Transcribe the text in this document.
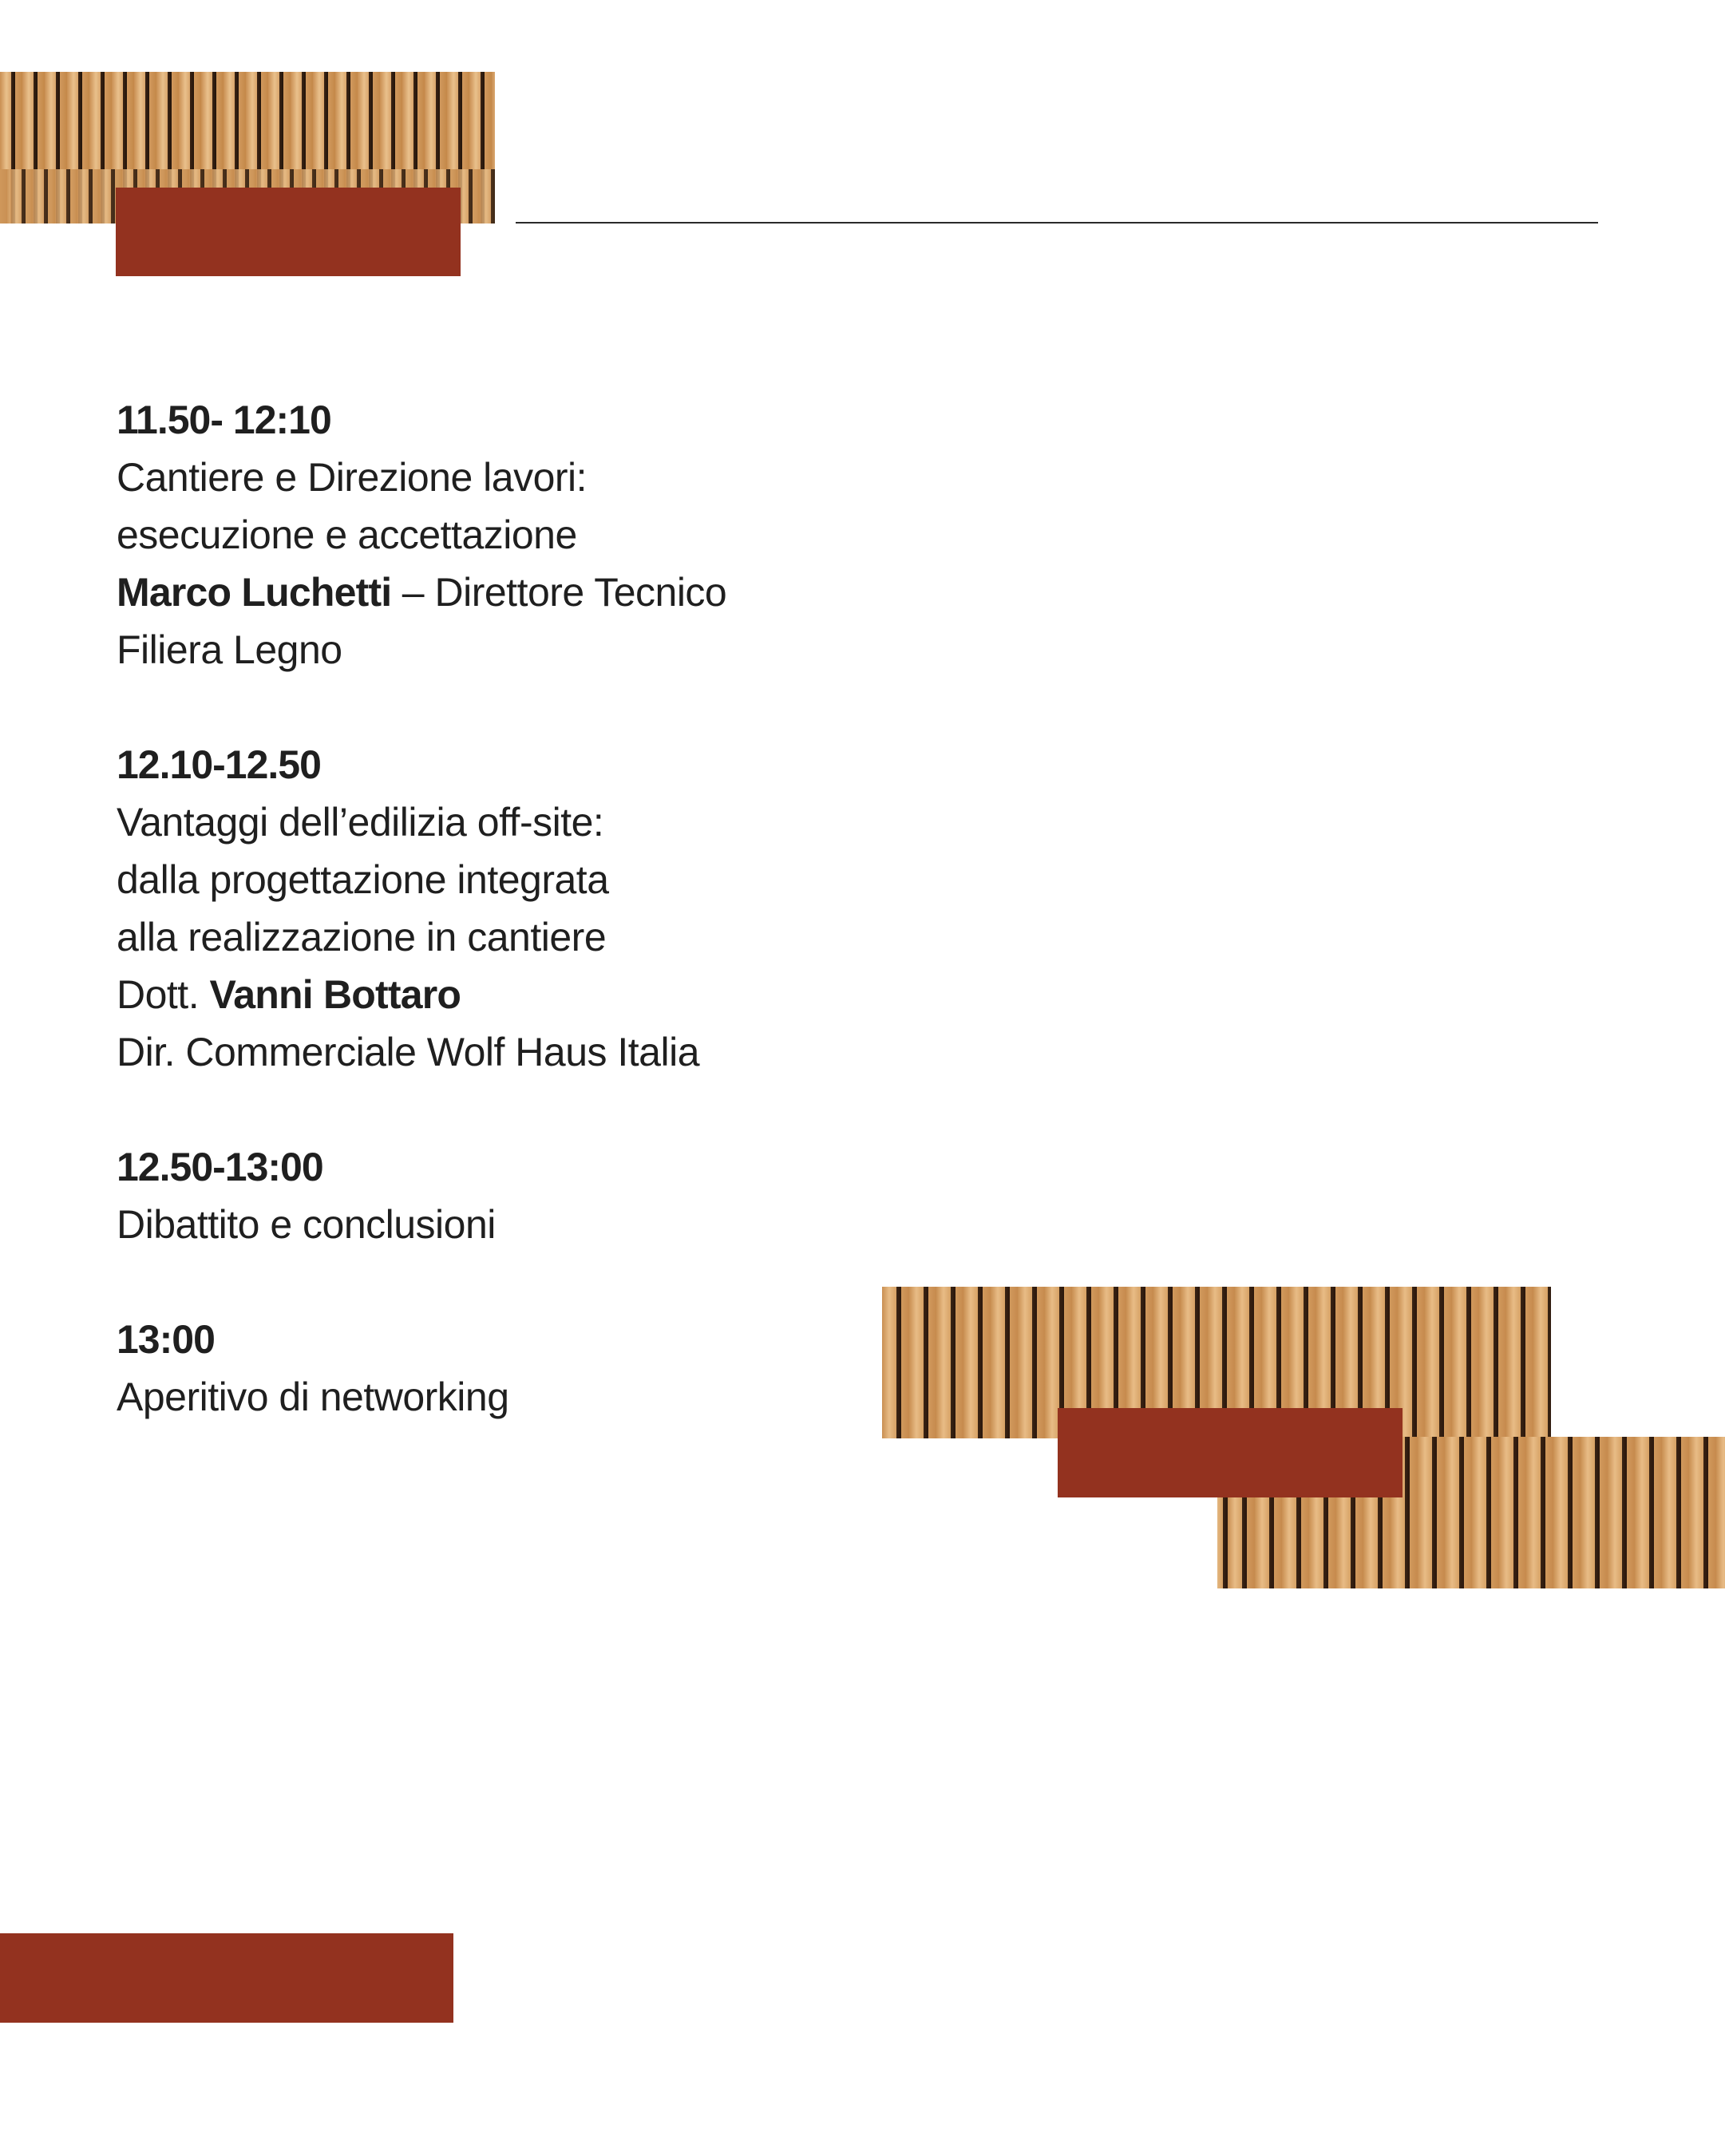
11.50- 12:10
Cantiere e Direzione lavori:
esecuzione e accettazione
Marco Luchetti – Direttore Tecnico
Filiera Legno
12.10-12.50
Vantaggi dell’edilizia off-site:
dalla progettazione integrata
alla realizzazione in cantiere
Dott. Vanni Bottaro
Dir. Commerciale Wolf Haus Italia
12.50-13:00
Dibattito e conclusioni
13:00
Aperitivo di networking
